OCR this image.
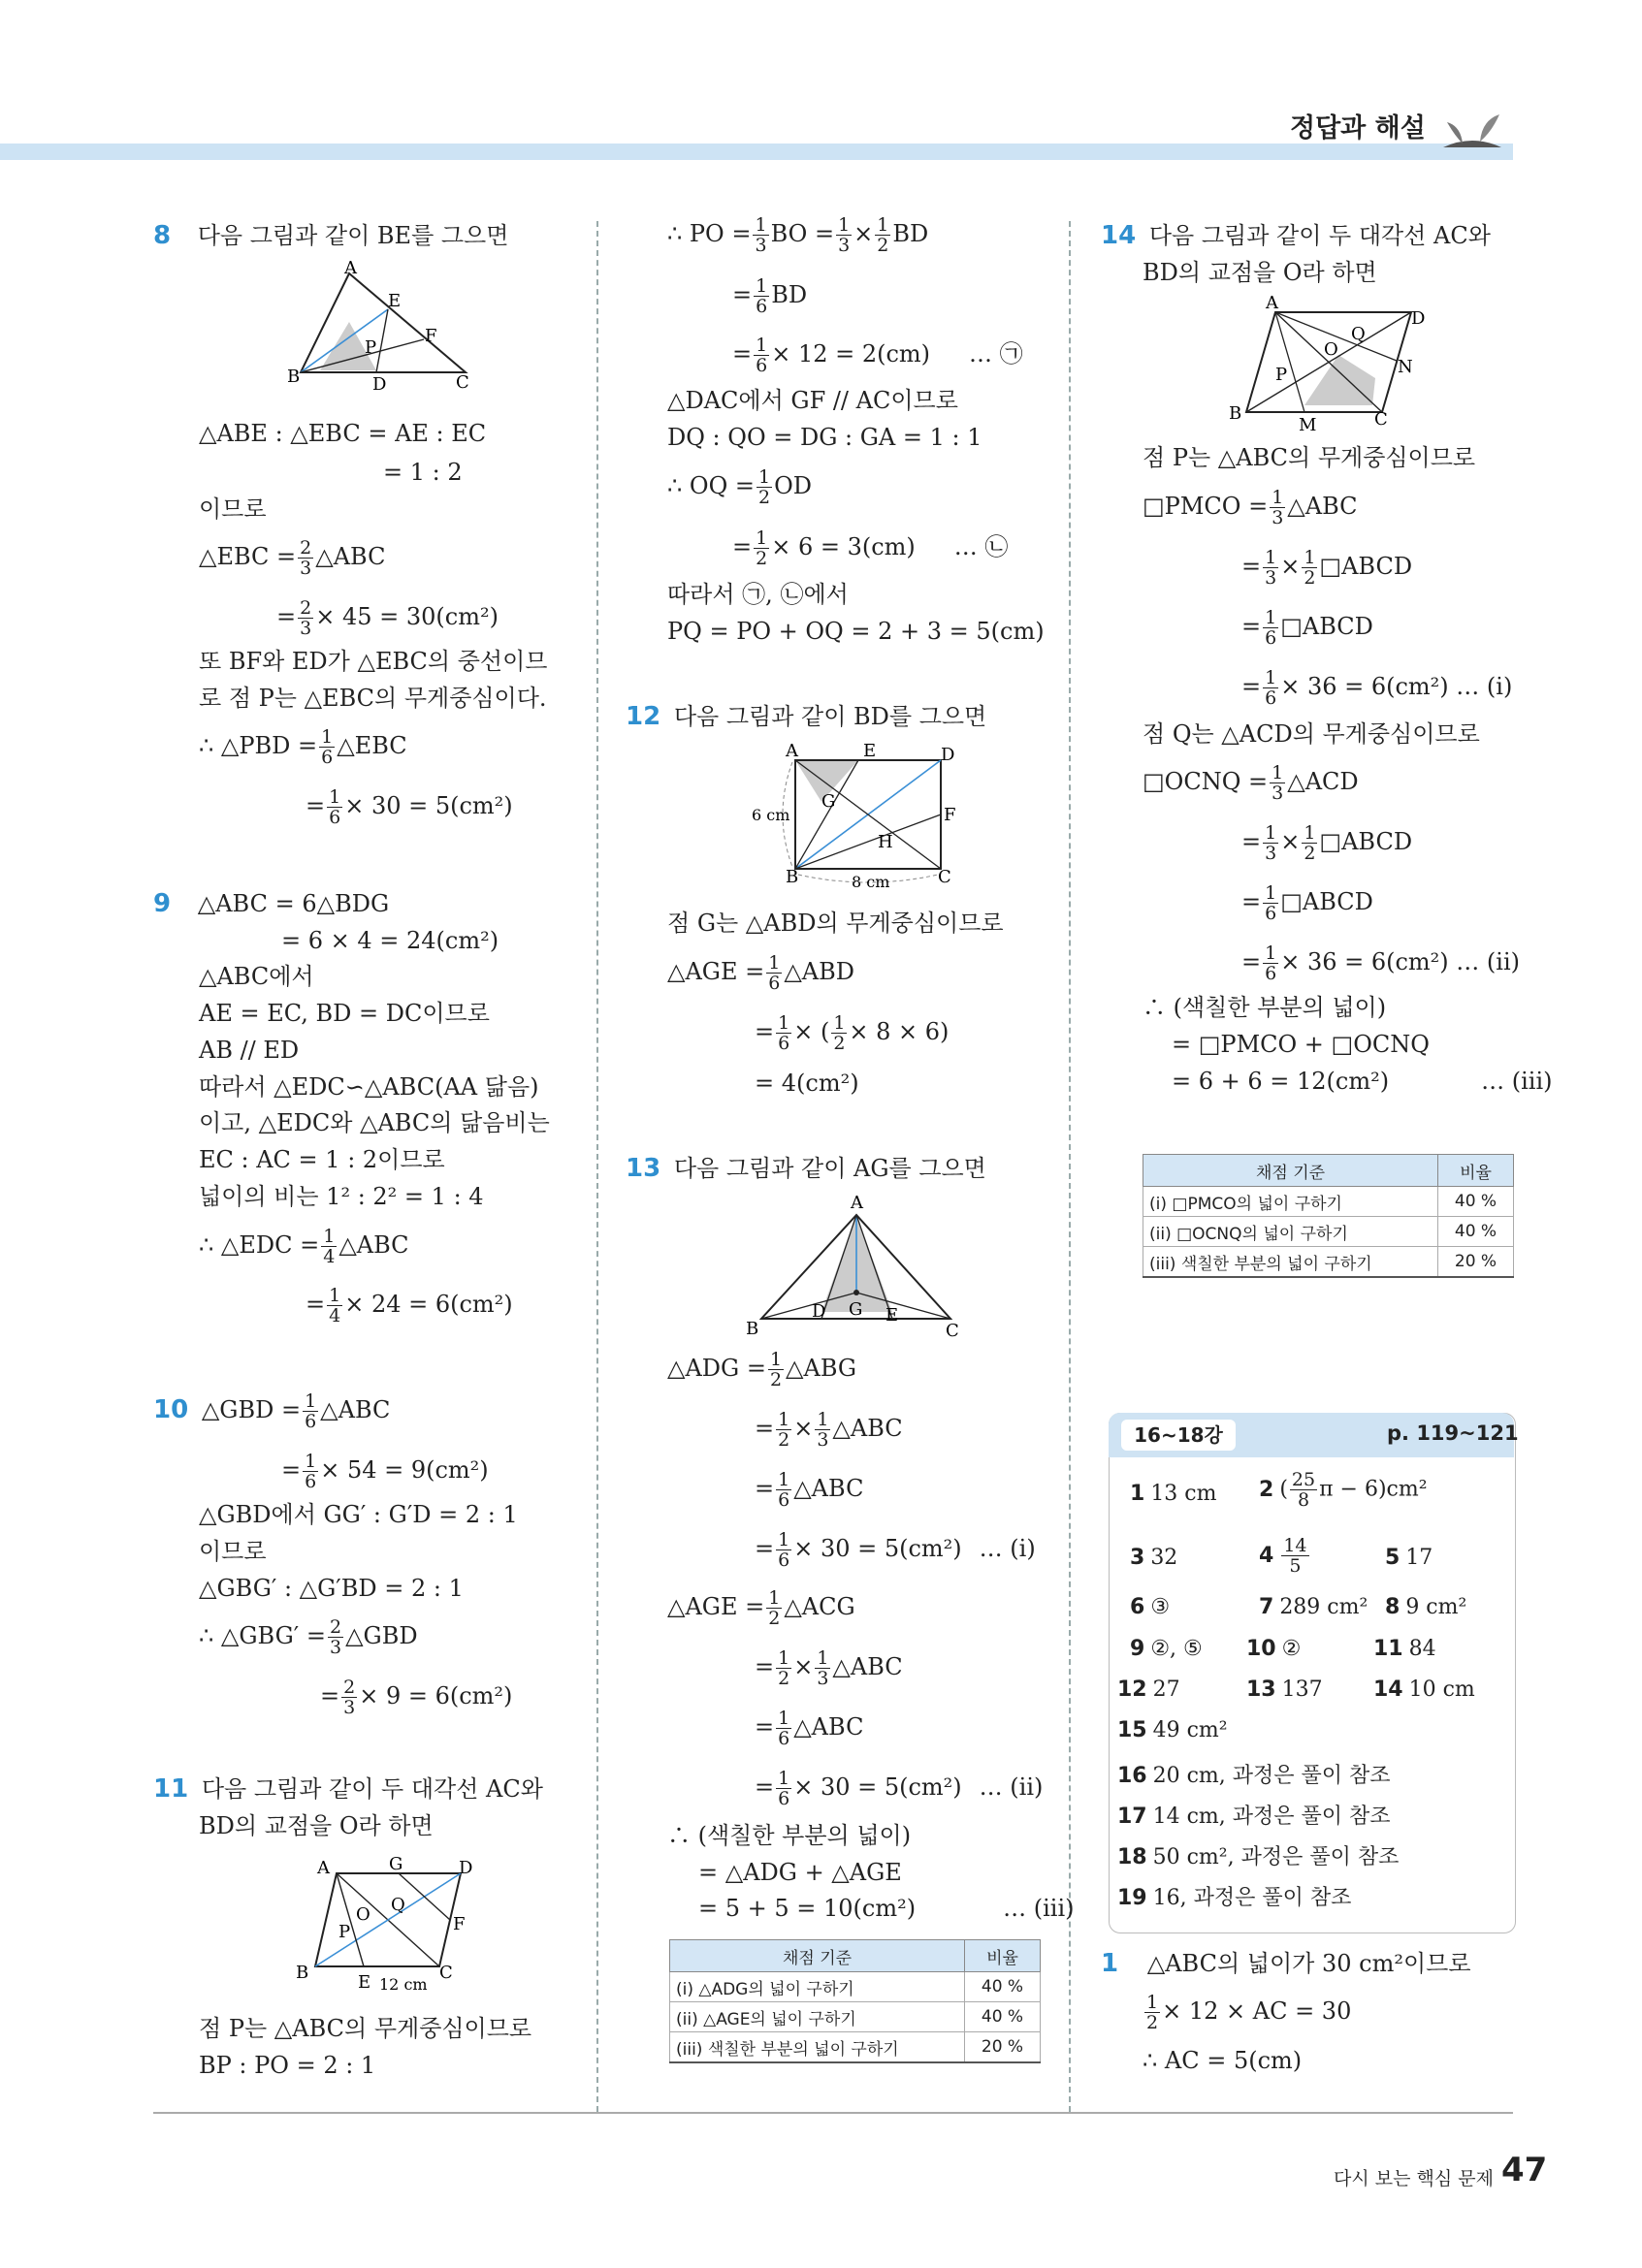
정답과 해설
8 다음 그림과 같이 BE를 그으면
A
B	C
D
E
F
P
△ABE : △EBC = AE : EC
= 1 : 2
이므로
△EBC = $\frac{2}{3}$ △ABC
= $\frac{2}{3} \times 45 = 30(cm^2)$
또 BF와 ED가 △EBC의 중선이므
로 점 P는 △EBC의 무게중심이다.
∴ △PBD = $\frac{1}{6}$ △EBC
= $\frac{1}{6} \times 30 = 5(cm^2)$
9 △ABC = 6△BDG
= 6 × 4 = 24(cm²)
△ABC에서
AE = EC, BD = DC이므로
AB // ED
따라서 △EDC∽△ABC(AA 닮음)
이고, △EDC와 △ABC의 닮음비는
EC : AC = 1 : 2이므로
넓이의 비는 1² : 2² = 1 : 4
∴ △EDC = $\frac{1}{4}$ △ABC
= $\frac{1}{4} \times 24 = 6(cm^2)$
10 △GBD = $\frac{1}{6}$ △ABC
= $\frac{1}{6} \times 54 = 9(cm^2)$
△GBD에서 GG′ : G′D = 2 : 1
이므로
△GBG′ : △G′BD = 2 : 1
∴ △GBG′ = $\frac{2}{3}$ △GBD
= $\frac{2}{3} \times 9 = 6(cm^2)$
11 다음 그림과 같이 두 대각선 AC와
BD의 교점을 O라 하면
A	G	D
Q
O
P	F
B	E	C
12 cm
점 P는 △ABC의 무게중심이므로
BP : PO = 2 : 1
∴ PO = $\frac{1}{3}$ BO = $\frac{1}{3} \times \frac{1}{2}$ BD
= $\frac{1}{6}$ BD
= $\frac{1}{6} \times 12 = 2(cm)$ … ㉠
△DAC에서 GF // AC이므로
DQ : QO = DG : GA = 1 : 1
∴ OQ = $\frac{1}{2}$ OD
= $\frac{1}{2} \times 6 = 3(cm)$ … ㉡
따라서 ㉠, ㉡에서
PQ = PO + OQ = 2 + 3 = 5(cm)
12 다음 그림과 같이 BD를 그으면
A	E	D
G
F
H
B	C
6 cm
8 cm
점 G는 △ABD의 무게중심이므로
△AGE = $\frac{1}{6}$ △ABD
= $\frac{1}{6}$ × ( $\frac{1}{2} \times 8 \times 6$)
= 4(cm²)
13 다음 그림과 같이 AG를 그으면
A
B
D G E
C
△ADG = $\frac{1}{2}$ △ABG
= $\frac{1}{2} \times \frac{1}{3}$ △ABC
= $\frac{1}{6}$ △ABC
= $\frac{1}{6} \times 30 = 5(cm^2)$ … (i)
△AGE = $\frac{1}{2}$ △ACG
= $\frac{1}{2} \times \frac{1}{3}$ △ABC
= $\frac{1}{6}$ △ABC
= $\frac{1}{6} \times 30 = 5(cm^2)$ … (ii)
∴ (색칠한 부분의 넓이)
= △ADG + △AGE
= 5 + 5 = 10(cm²)	… (iii)
채점 기준	비율
(i) △ADG의 넓이 구하기	40 %
(ii) △AGE의 넓이 구하기	40 %
(iii) 색칠한 부분의 넓이 구하기	20 %
14 다음 그림과 같이 두 대각선 AC와
BD의 교점을 O라 하면
A
D
Q
O
P	N
B
M	C
점 P는 △ABC의 무게중심이므로
□PMCO = $\frac{1}{3}$ △ABC
= $\frac{1}{3} \times \frac{1}{2}$ □ABCD
= $\frac{1}{6}$ □ABCD
= $\frac{1}{6} \times 36 = 6(cm^2)$ … (i)
점 Q는 △ACD의 무게중심이므로
□OCNQ = $\frac{1}{3}$ △ACD
= $\frac{1}{3} \times \frac{1}{2}$ □ABCD
= $\frac{1}{6}$ □ABCD
= $\frac{1}{6} \times 36 = 6(cm^2)$ … (ii)
∴ (색칠한 부분의 넓이)
= □PMCO + □OCNQ
= 6 + 6 = 12(cm²)	… (iii)
채점 기준	비율
(i) □PMCO의 넓이 구하기	40 %
(ii) □OCNQ의 넓이 구하기	40 %
(iii) 색칠한 부분의 넓이 구하기	20 %
16~18강	p. 119~121
1 13 cm 2 ( $\frac{25}{8}$ π − 6)cm²
3 32	$4 \frac{14}{5}$	5 17
6 ③	7 289 cm² 8 9 cm²
9 ②, ⑤ 10 ②	11 84
12 27	13 137 14 10 cm
15 49 cm²
16 20 cm, 과정은 풀이 참조
17 14 cm, 과정은 풀이 참조
18 50 cm², 과정은 풀이 참조
19 16, 과정은 풀이 참조
1 △ABC의 넓이가 30 cm²이므로
$\frac{1}{2} \times 12$ × AC = 30
∴ AC = 5(cm)
다시 보는 핵심 문제 47
